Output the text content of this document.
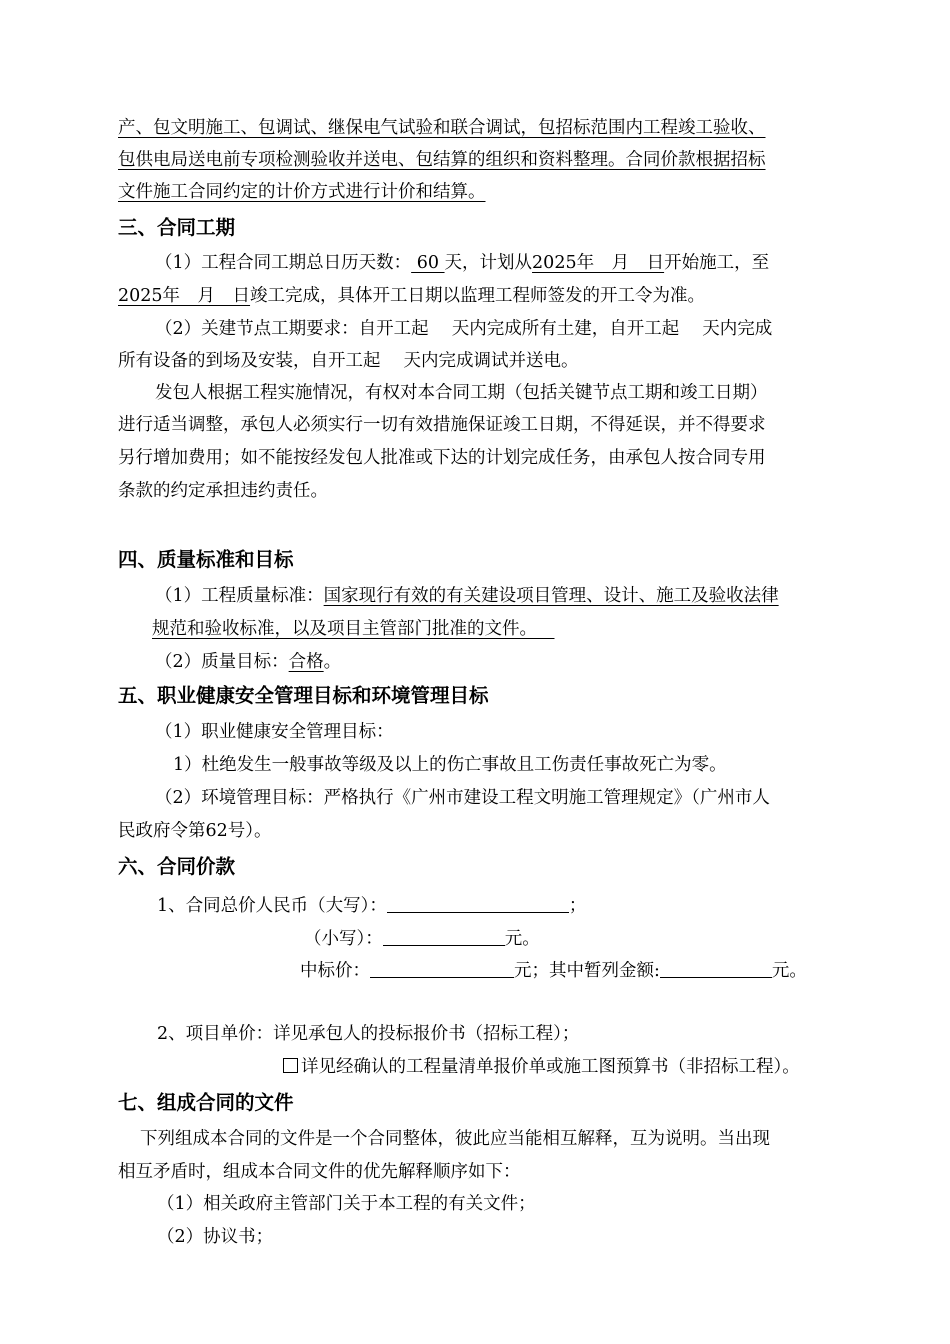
产、包文明施工、包调试、继保电气试验和联合调试，包招标范围内工程竣工验收、
包供电局送电前专项检测验收并送电、包结算的组织和资料整理。合同价款根据招标
文件施工合同约定的计价方式进行计价和结算。
三、合同工期
（1）工程合同工期总日历天数： 60 天，计划从2025年　月　日开始施工，至
2025年　月　日竣工完成，具体开工日期以监理工程师签发的开工令为准。
（2）关建节点工期要求：自开工起　 天内完成所有土建，自开工起　 天内完成
所有设备的到场及安装，自开工起　 天内完成调试并送电。
发包人根据工程实施情况，有权对本合同工期（包括关键节点工期和竣工日期）
进行适当调整，承包人必须实行一切有效措施保证竣工日期，不得延误，并不得要求
另行增加费用；如不能按经发包人批准或下达的计划完成任务，由承包人按合同专用
条款的约定承担违约责任。
四、质量标准和目标
（1）工程质量标准：国家现行有效的有关建设项目管理、设计、施工及验收法律
规范和验收标准，以及项目主管部门批准的文件。 
（2）质量目标：合格。
五、职业健康安全管理目标和环境管理目标
（1）职业健康安全管理目标：
1）杜绝发生一般事故等级及以上的伤亡事故且工伤责任事故死亡为零。
（2）环境管理目标：严格执行《广州市建设工程文明施工管理规定》（广州市人
民政府令第62号）。
六、合同价款
1、合同总价人民币（大写）：	；
（小写）：	元。
中标价：	元；其中暂列金额:	元。
2、项目单价：详见承包人的投标报价书（招标工程）；
详见经确认的工程量清单报价单或施工图预算书（非招标工程）。
七、组成合同的文件
下列组成本合同的文件是一个合同整体，彼此应当能相互解释，互为说明。当出现
相互矛盾时，组成本合同文件的优先解释顺序如下：
（1）相关政府主管部门关于本工程的有关文件；
（2）协议书；
